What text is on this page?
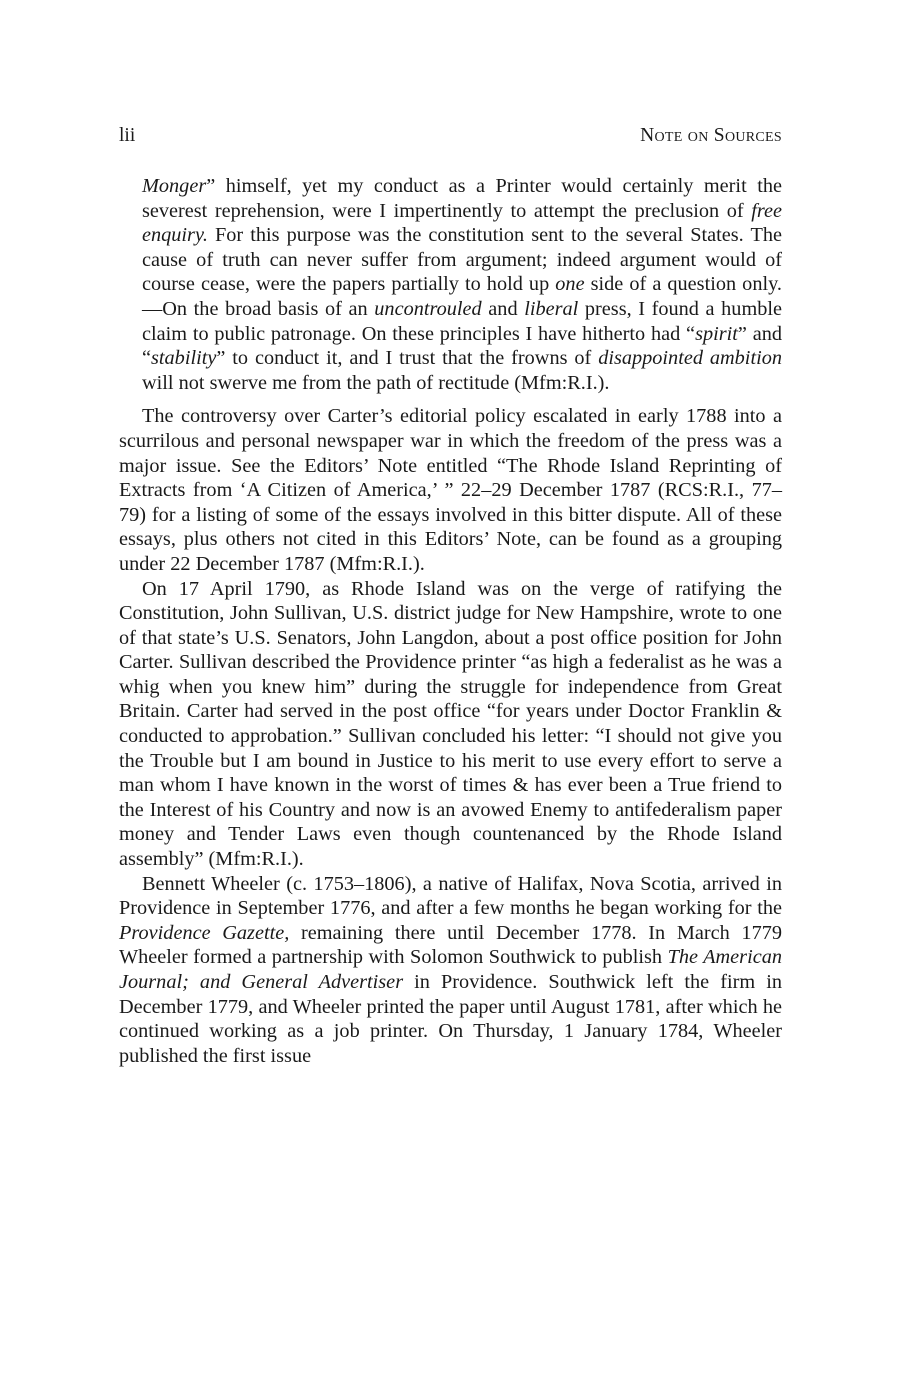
lii	Note on Sources

Monger” himself, yet my conduct as a Printer would certainly merit the severest reprehension, were I impertinently to attempt the preclusion of free enquiry. For this purpose was the constitution sent to the several States. The cause of truth can never suffer from argument; indeed argument would of course cease, were the papers partially to hold up one side of a question only.—On the broad basis of an uncontrouled and liberal press, I found a humble claim to public patronage. On these principles I have hitherto had “spirit” and “stability” to conduct it, and I trust that the frowns of disappointed ambition will not swerve me from the path of rectitude (Mfm:R.I.).

The controversy over Carter’s editorial policy escalated in early 1788 into a scurrilous and personal newspaper war in which the freedom of the press was a major issue. See the Editors’ Note entitled “The Rhode Island Reprinting of Extracts from ‘A Citizen of America,’ ” 22–29 December 1787 (RCS:R.I., 77–79) for a listing of some of the essays involved in this bitter dispute. All of these essays, plus others not cited in this Editors’ Note, can be found as a grouping under 22 December 1787 (Mfm:R.I.).

On 17 April 1790, as Rhode Island was on the verge of ratifying the Constitution, John Sullivan, U.S. district judge for New Hampshire, wrote to one of that state’s U.S. Senators, John Langdon, about a post office position for John Carter. Sullivan described the Providence printer “as high a federalist as he was a whig when you knew him” during the struggle for independence from Great Britain. Carter had served in the post office “for years under Doctor Franklin & conducted to approbation.” Sullivan concluded his letter: “I should not give you the Trouble but I am bound in Justice to his merit to use every effort to serve a man whom I have known in the worst of times & has ever been a True friend to the Interest of his Country and now is an avowed Enemy to antifederalism paper money and Tender Laws even though countenanced by the Rhode Island assembly” (Mfm:R.I.).

Bennett Wheeler (c. 1753–1806), a native of Halifax, Nova Scotia, arrived in Providence in September 1776, and after a few months he began working for the Providence Gazette, remaining there until December 1778. In March 1779 Wheeler formed a partnership with Solomon Southwick to publish The American Journal; and General Advertiser in Providence. Southwick left the firm in December 1779, and Wheeler printed the paper until August 1781, after which he continued working as a job printer. On Thursday, 1 January 1784, Wheeler published the first issue
